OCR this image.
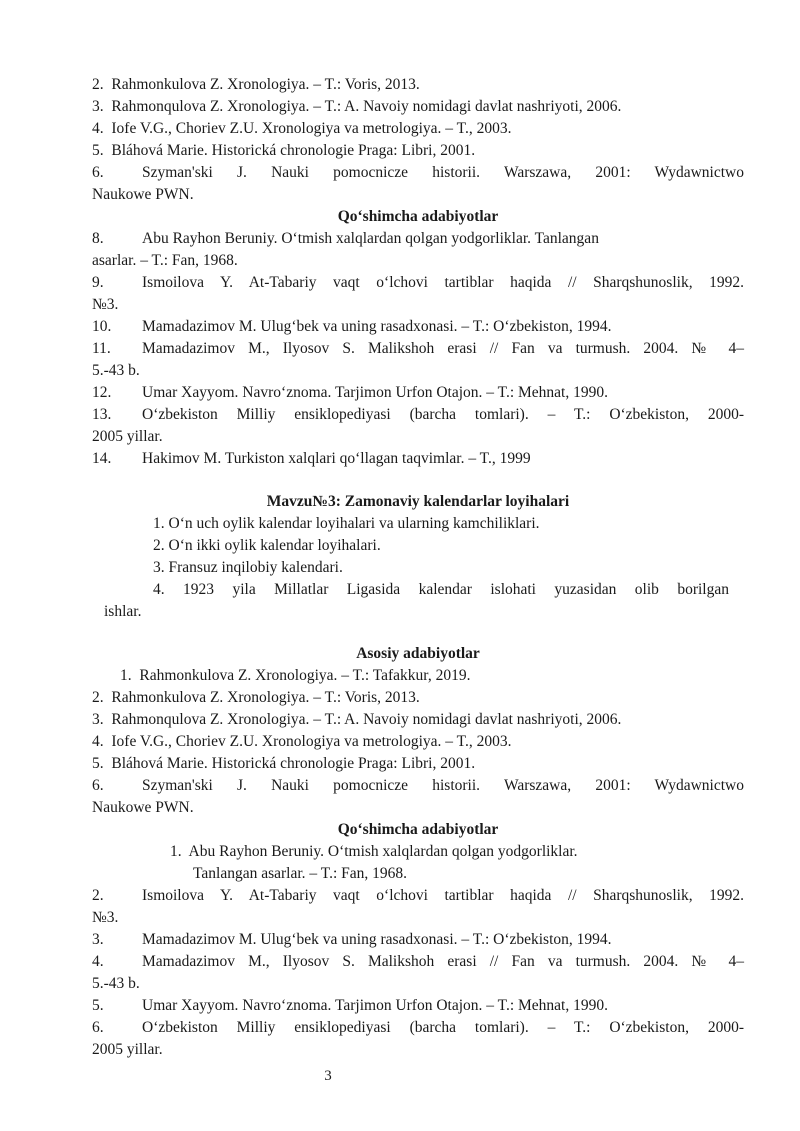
2. Rahmonkulova Z. Xronologiya. – T.: Voris, 2013.
3. Rahmonqulova Z. Xronologiya. – T.: A. Navoiy nomidagi davlat nashriyoti, 2006.
4. Iofe V.G., Choriev Z.U. Xronologiya va metrologiya. – T., 2003.
5. Bláhová Marie. Historická chronologie Praga: Libri, 2001.
6.	Szyman'ski J. Nauki pomocnicze historii. Warszawa, 2001: Wydawnictwo
Naukowe PWN.
Qo‘shimcha adabiyotlar
8. Abu Rayhon Beruniy. O‘tmish xalqlardan qolgan yodgorliklar. Tanlangan
asarlar. – T.: Fan, 1968.
9.	Ismoilova Y. At-Tabariy vaqt o‘lchovi tartiblar haqida // Sharqshunoslik, 1992.
№3.
10. Mamadazimov M. Ulug‘bek va uning rasadxonasi. – T.: O‘zbekiston, 1994.
11.	Mamadazimov M., Ilyosov S. Malikshoh erasi // Fan va turmush. 2004. № 4–
5.-43 b.
12. Umar Xayyom. Navro‘znoma. Tarjimon Urfon Otajon. – T.: Mehnat, 1990.
13.	O‘zbekiston Milliy ensiklopediyasi (barcha tomlari). – T.: O‘zbekiston, 2000-
2005 yillar.
14. Hakimov M. Turkiston xalqlari qo‘llagan taqvimlar. – T., 1999
Mavzu№3: Zamonaviy kalendarlar loyihalari
1. O‘n uch oylik kalendar loyihalari va ularning kamchiliklari.
2. O‘n ikki oylik kalendar loyihalari.
3. Fransuz inqilobiy kalendari.
4. 1923 yila Millatlar Ligasida kalendar islohati yuzasidan olib borilgan
ishlar.
Asosiy adabiyotlar
1. Rahmonkulova Z. Xronologiya. – T.: Tafakkur, 2019.
2. Rahmonkulova Z. Xronologiya. – T.: Voris, 2013.
3. Rahmonqulova Z. Xronologiya. – T.: A. Navoiy nomidagi davlat nashriyoti, 2006.
4. Iofe V.G., Choriev Z.U. Xronologiya va metrologiya. – T., 2003.
5. Bláhová Marie. Historická chronologie Praga: Libri, 2001.
6.	Szyman'ski J. Nauki pomocnicze historii. Warszawa, 2001: Wydawnictwo
Naukowe PWN.
Qo‘shimcha adabiyotlar
1. Abu Rayhon Beruniy. O‘tmish xalqlardan qolgan yodgorliklar.
Tanlangan asarlar. – T.: Fan, 1968.
2.	Ismoilova Y. At-Tabariy vaqt o‘lchovi tartiblar haqida // Sharqshunoslik, 1992.
№3.
3. Mamadazimov M. Ulug‘bek va uning rasadxonasi. – T.: O‘zbekiston, 1994.
4.	Mamadazimov M., Ilyosov S. Malikshoh erasi // Fan va turmush. 2004. № 4–
5.-43 b.
5. Umar Xayyom. Navro‘znoma. Tarjimon Urfon Otajon. – T.: Mehnat, 1990.
6.	O‘zbekiston Milliy ensiklopediyasi (barcha tomlari). – T.: O‘zbekiston, 2000-
2005 yillar.
3
